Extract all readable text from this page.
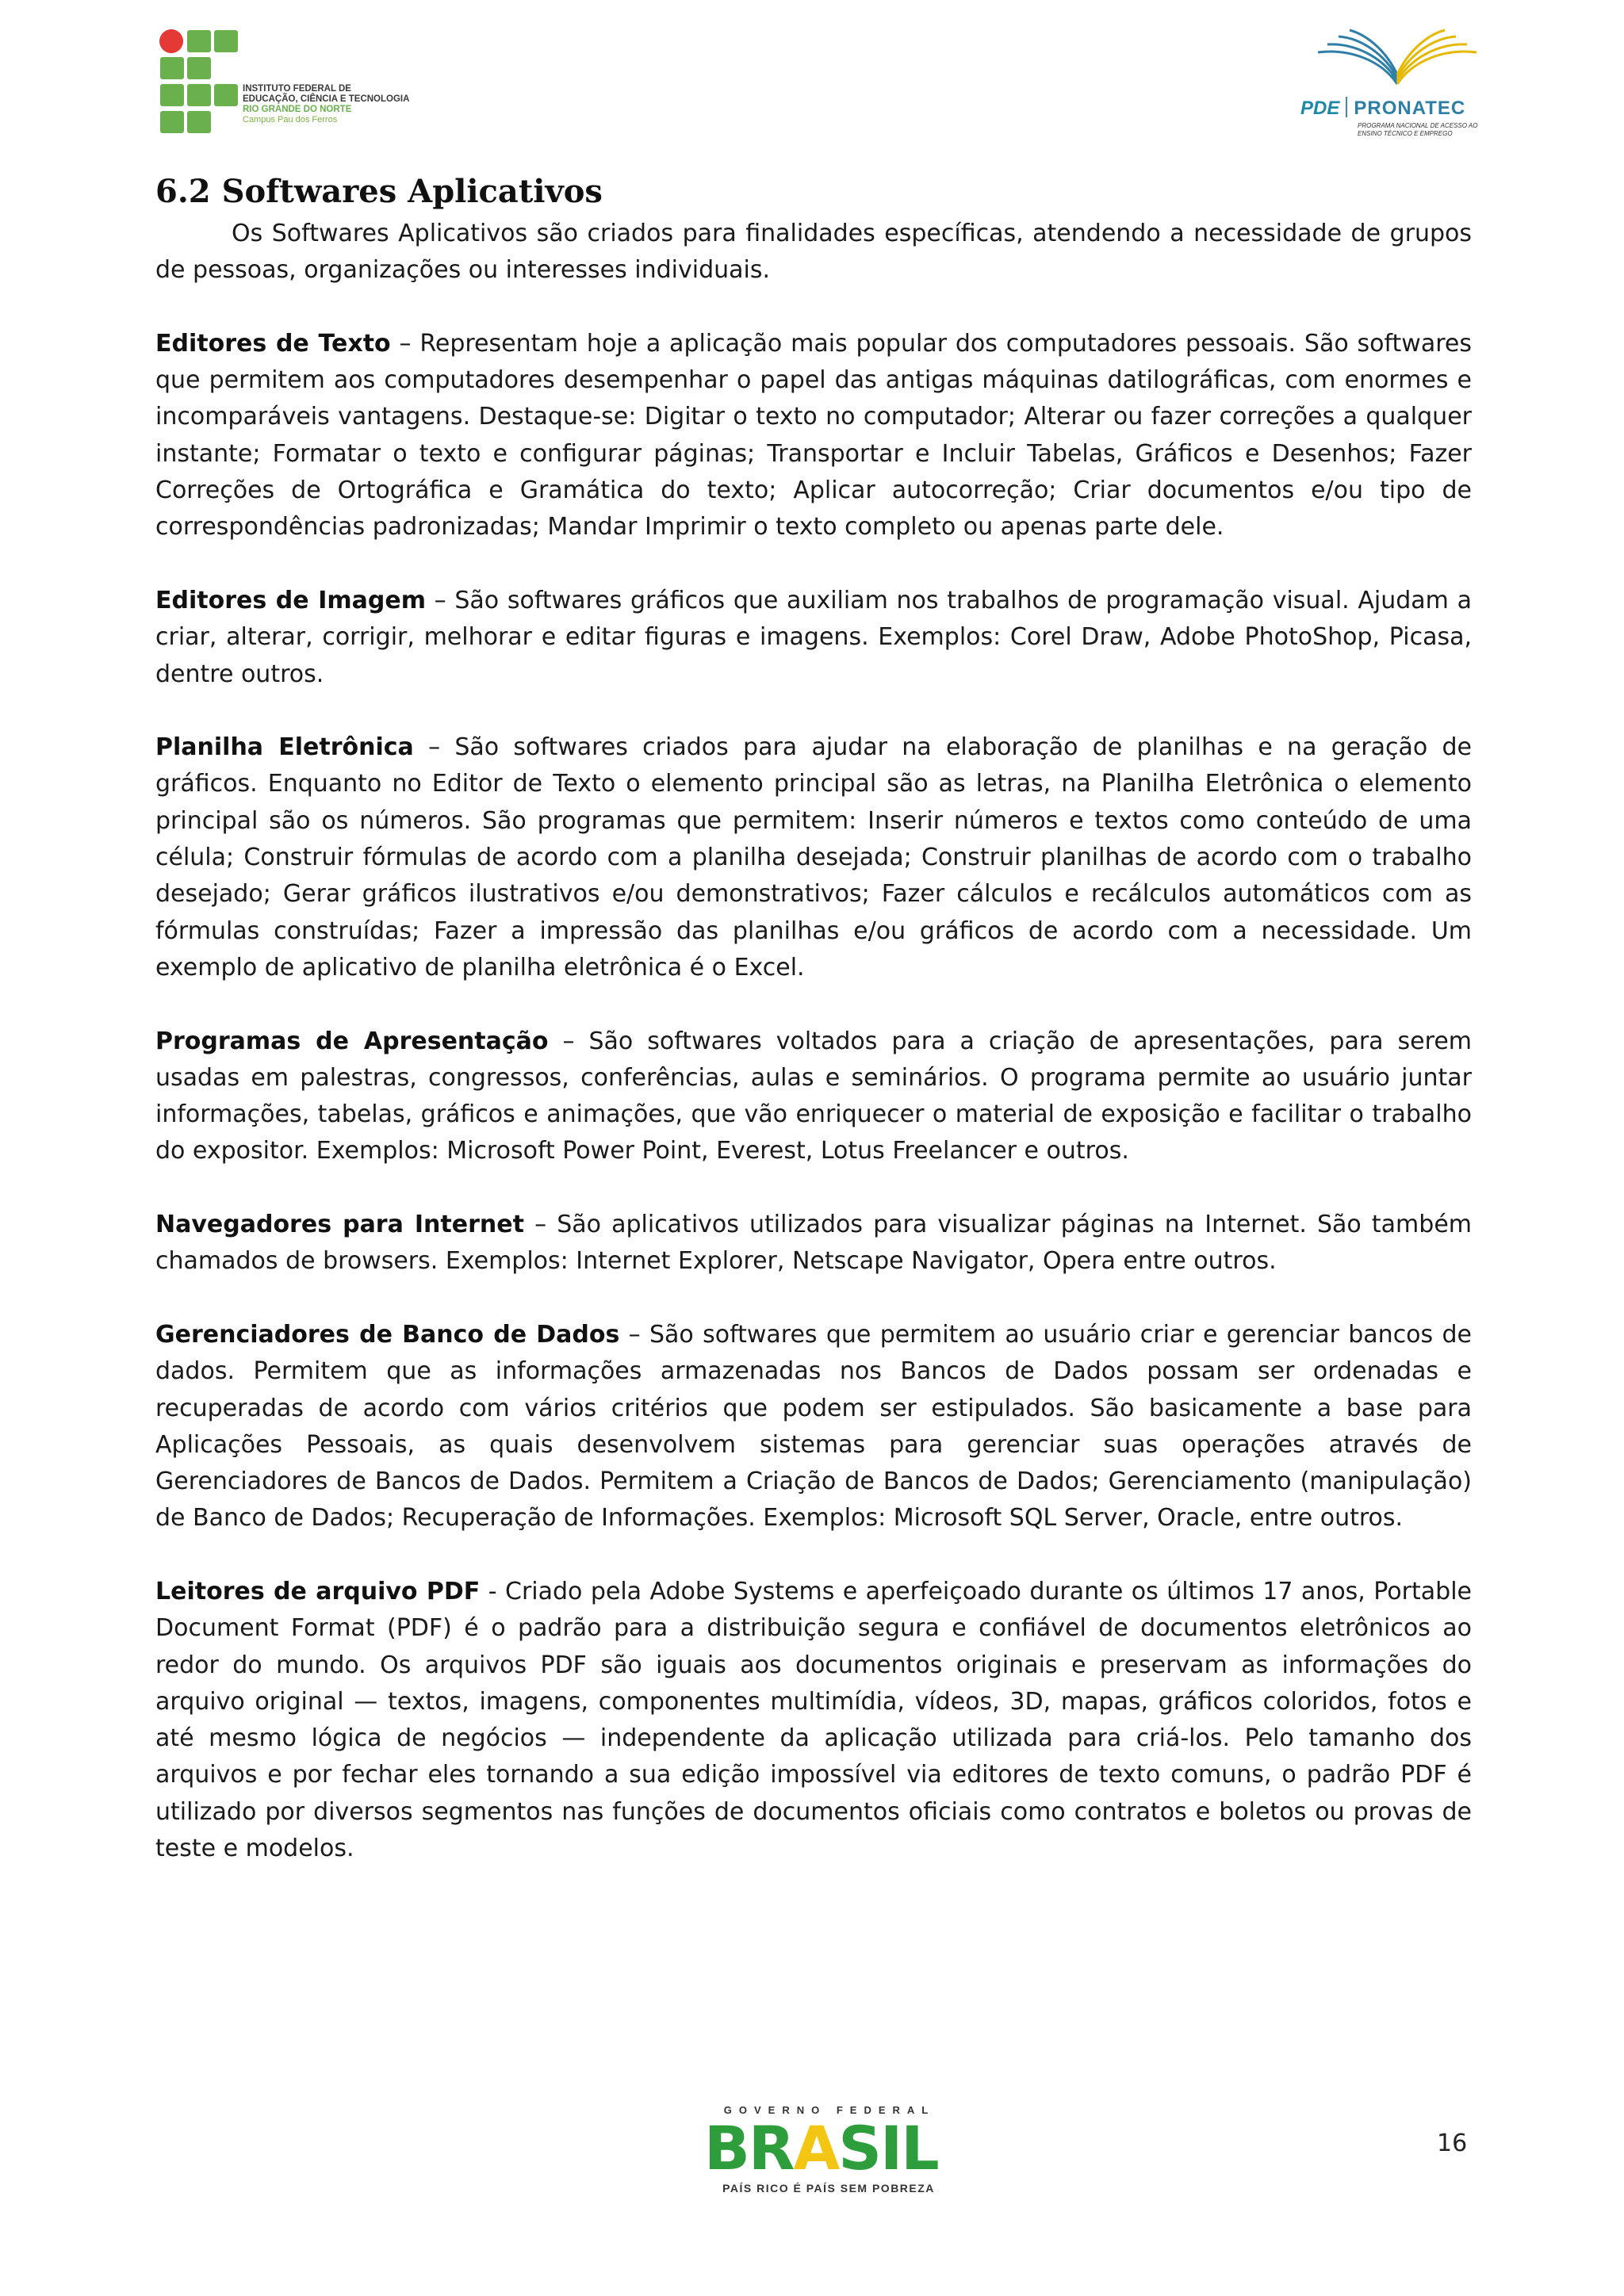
INSTITUTO FEDERAL DE
EDUCAÇÃO, CIÊNCIA E TECNOLOGIA
RIO GRANDE DO NORTE
Campus Pau dos Ferros
PDE PRONATEC
PROGRAMA NACIONAL DE ACESSO AO
ENSINO TÉCNICO E EMPREGO
6.2 Softwares Aplicativos

Os Softwares Aplicativos são criados para finalidades específicas, atendendo a necessidade de grupos de pessoas, organizações ou interesses individuais.

Editores de Texto – Representam hoje a aplicação mais popular dos computadores pessoais. São softwares que permitem aos computadores desempenhar o papel das antigas máquinas datilográficas, com enormes e incomparáveis vantagens. Destaque-se: Digitar o texto no computador; Alterar ou fazer correções a qualquer instante; Formatar o texto e configurar páginas; Transportar e Incluir Tabelas, Gráficos e Desenhos; Fazer Correções de Ortográfica e Gramática do texto; Aplicar autocorreção; Criar documentos e/ou tipo de correspondências padronizadas; Mandar Imprimir o texto completo ou apenas parte dele.

Editores de Imagem – São softwares gráficos que auxiliam nos trabalhos de programação visual. Ajudam a criar, alterar, corrigir, melhorar e editar figuras e imagens. Exemplos: Corel Draw, Adobe PhotoShop, Picasa, dentre outros.

Planilha Eletrônica – São softwares criados para ajudar na elaboração de planilhas e na geração de gráficos. Enquanto no Editor de Texto o elemento principal são as letras, na Planilha Eletrônica o elemento principal são os números. São programas que permitem: Inserir números e textos como conteúdo de uma célula; Construir fórmulas de acordo com a planilha desejada; Construir planilhas de acordo com o trabalho desejado; Gerar gráficos ilustrativos e/ou demonstrativos; Fazer cálculos e recálculos automáticos com as fórmulas construídas; Fazer a impressão das planilhas e/ou gráficos de acordo com a necessidade. Um exemplo de aplicativo de planilha eletrônica é o Excel.

Programas de Apresentação – São softwares voltados para a criação de apresentações, para serem usadas em palestras, congressos, conferências, aulas e seminários. O programa permite ao usuário juntar informações, tabelas, gráficos e animações, que vão enriquecer o material de exposição e facilitar o trabalho do expositor. Exemplos: Microsoft Power Point, Everest, Lotus Freelancer e outros.

Navegadores para Internet – São aplicativos utilizados para visualizar páginas na Internet. São também chamados de browsers. Exemplos: Internet Explorer, Netscape Navigator, Opera entre outros.

Gerenciadores de Banco de Dados – São softwares que permitem ao usuário criar e gerenciar bancos de dados. Permitem que as informações armazenadas nos Bancos de Dados possam ser ordenadas e recuperadas de acordo com vários critérios que podem ser estipulados. São basicamente a base para Aplicações Pessoais, as quais desenvolvem sistemas para gerenciar suas operações através de Gerenciadores de Bancos de Dados. Permitem a Criação de Bancos de Dados; Gerenciamento (manipulação) de Banco de Dados; Recuperação de Informações. Exemplos: Microsoft SQL Server, Oracle, entre outros.

Leitores de arquivo PDF - Criado pela Adobe Systems e aperfeiçoado durante os últimos 17 anos, Portable Document Format (PDF) é o padrão para a distribuição segura e confiável de documentos eletrônicos ao redor do mundo. Os arquivos PDF são iguais aos documentos originais e preservam as informações do arquivo original — textos, imagens, componentes multimídia, vídeos, 3D, mapas, gráficos coloridos, fotos e até mesmo lógica de negócios — independente da aplicação utilizada para criá-los. Pelo tamanho dos arquivos e por fechar eles tornando a sua edição impossível via editores de texto comuns, o padrão PDF é utilizado por diversos segmentos nas funções de documentos oficiais como contratos e boletos ou provas de teste e modelos.

16
GOVERNO FEDERAL
BRASIL
PAÍS RICO É PAÍS SEM POBREZA
